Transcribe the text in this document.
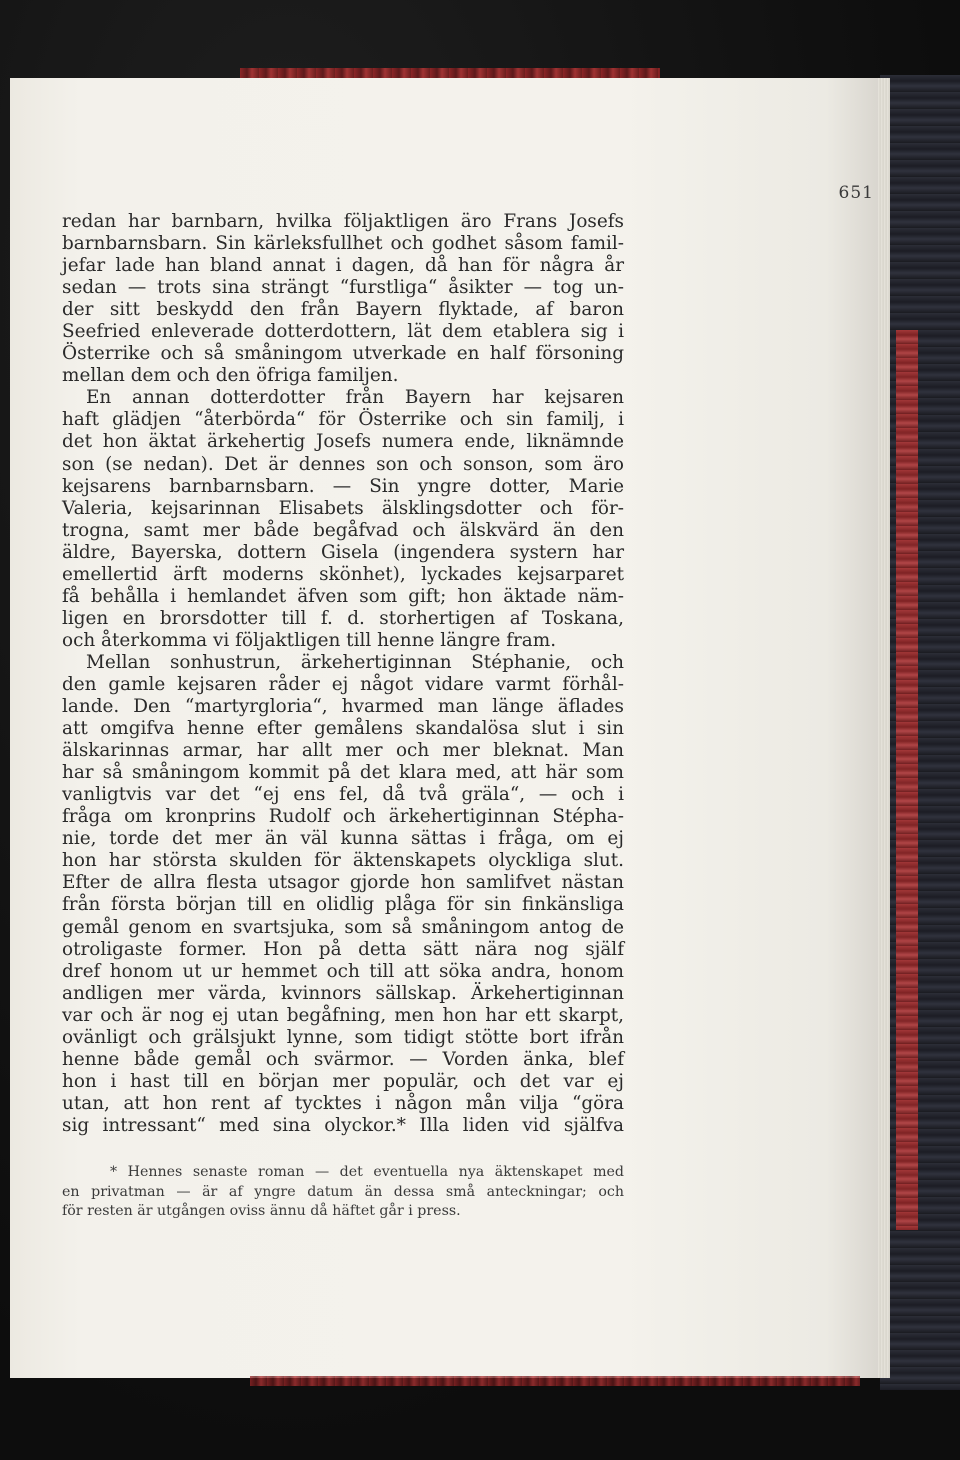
651
redan har barnbarn, hvilka följaktligen äro Frans Josefs
barnbarnsbarn. Sin kärleksfullhet och godhet såsom famil-
jefar lade han bland annat i dagen, då han för några år
sedan — trots sina strängt “furstliga“ åsikter — tog un-
der sitt beskydd den från Bayern flyktade, af baron
Seefried enleverade dotterdottern, lät dem etablera sig i
Österrike och så småningom utverkade en half försoning
mellan dem och den öfriga familjen.
En annan dotterdotter från Bayern har kejsaren
haft glädjen “återbörda“ för Österrike och sin familj, i
det hon äktat ärkehertig Josefs numera ende, liknämnde
son (se nedan). Det är dennes son och sonson, som äro
kejsarens barnbarnsbarn. — Sin yngre dotter, Marie
Valeria, kejsarinnan Elisabets älsklingsdotter och för-
trogna, samt mer både begåfvad och älskvärd än den
äldre, Bayerska, dottern Gisela (ingendera systern har
emellertid ärft moderns skönhet), lyckades kejsarparet
få behålla i hemlandet äfven som gift; hon äktade näm-
ligen en brorsdotter till f. d. storhertigen af Toskana,
och återkomma vi följaktligen till henne längre fram.
Mellan sonhustrun, ärkehertiginnan Stéphanie, och
den gamle kejsaren råder ej något vidare varmt förhål-
lande. Den “martyrgloria“, hvarmed man länge äflades
att omgifva henne efter gemålens skandalösa slut i sin
älskarinnas armar, har allt mer och mer bleknat. Man
har så småningom kommit på det klara med, att här som
vanligtvis var det “ej ens fel, då två gräla“, — och i
fråga om kronprins Rudolf och ärkehertiginnan Stépha-
nie, torde det mer än väl kunna sättas i fråga, om ej
hon har största skulden för äktenskapets olyckliga slut.
Efter de allra flesta utsagor gjorde hon samlifvet nästan
från första början till en olidlig plåga för sin finkänsliga
gemål genom en svartsjuka, som så småningom antog de
otroligaste former. Hon på detta sätt nära nog själf
dref honom ut ur hemmet och till att söka andra, honom
andligen mer värda, kvinnors sällskap. Ärkehertiginnan
var och är nog ej utan begåfning, men hon har ett skarpt,
ovänligt och grälsjukt lynne, som tidigt stötte bort ifrån
henne både gemål och svärmor. — Vorden änka, blef
hon i hast till en början mer populär, och det var ej
utan, att hon rent af tycktes i någon mån vilja “göra
sig intressant“ med sina olyckor.* Illa liden vid själfva
* Hennes senaste roman — det eventuella nya äktenskapet med
en privatman — är af yngre datum än dessa små anteckningar; och
för resten är utgången oviss ännu då häftet går i press.
